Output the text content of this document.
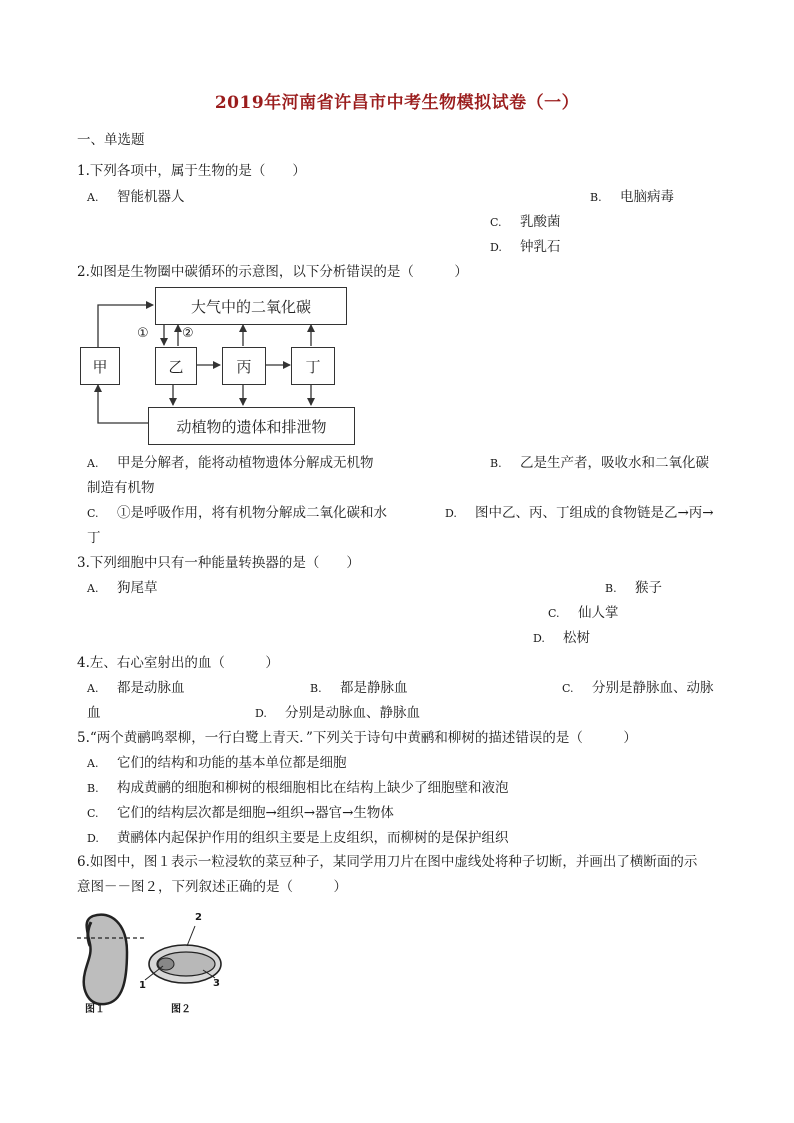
2019年河南省许昌市中考生物模拟试卷（一）
一、单选题
1.下列各项中，属于生物的是（　　）
A. 智能机器人	B. 电脑病毒
C. 乳酸菌
D. 钟乳石
2.如图是生物圈中碳循环的示意图，以下分析错误的是（　　　）
大气中的二氧化碳
甲	乙	丙	丁
动植物的遗体和排泄物
①	②
A. 甲是分解者，能将动植物遗体分解成无机物	B. 乙是生产者，吸收水和二氧化碳
制造有机物
C. ①是呼吸作用，将有机物分解成二氧化碳和水	D. 图中乙、丙、丁组成的食物链是乙→丙→
丁
3.下列细胞中只有一种能量转换器的是（　　）
A. 狗尾草	B. 猴子
C. 仙人掌
D. 松树
4.左、右心室射出的血（　　　）
A. 都是动脉血	B. 都是静脉血	C. 分别是静脉血、动脉
血	D. 分别是动脉血、静脉血
5.“两个黄鹂鸣翠柳，一行白鹭上青天．”下列关于诗句中黄鹂和柳树的描述错误的是（　　　）
A. 它们的结构和功能的基本单位都是细胞
B. 构成黄鹂的细胞和柳树的根细胞相比在结构上缺少了细胞壁和液泡
C. 它们的结构层次都是细胞→组织→器官→生物体
D. 黄鹂体内起保护作用的组织主要是上皮组织，而柳树的是保护组织
6.如图中，图１表示一粒浸软的菜豆种子，某同学用刀片在图中虚线处将种子切断，并画出了横断面的示
意图－－图２，下列叙述正确的是（　　　）
2
1	3
图１	图２
